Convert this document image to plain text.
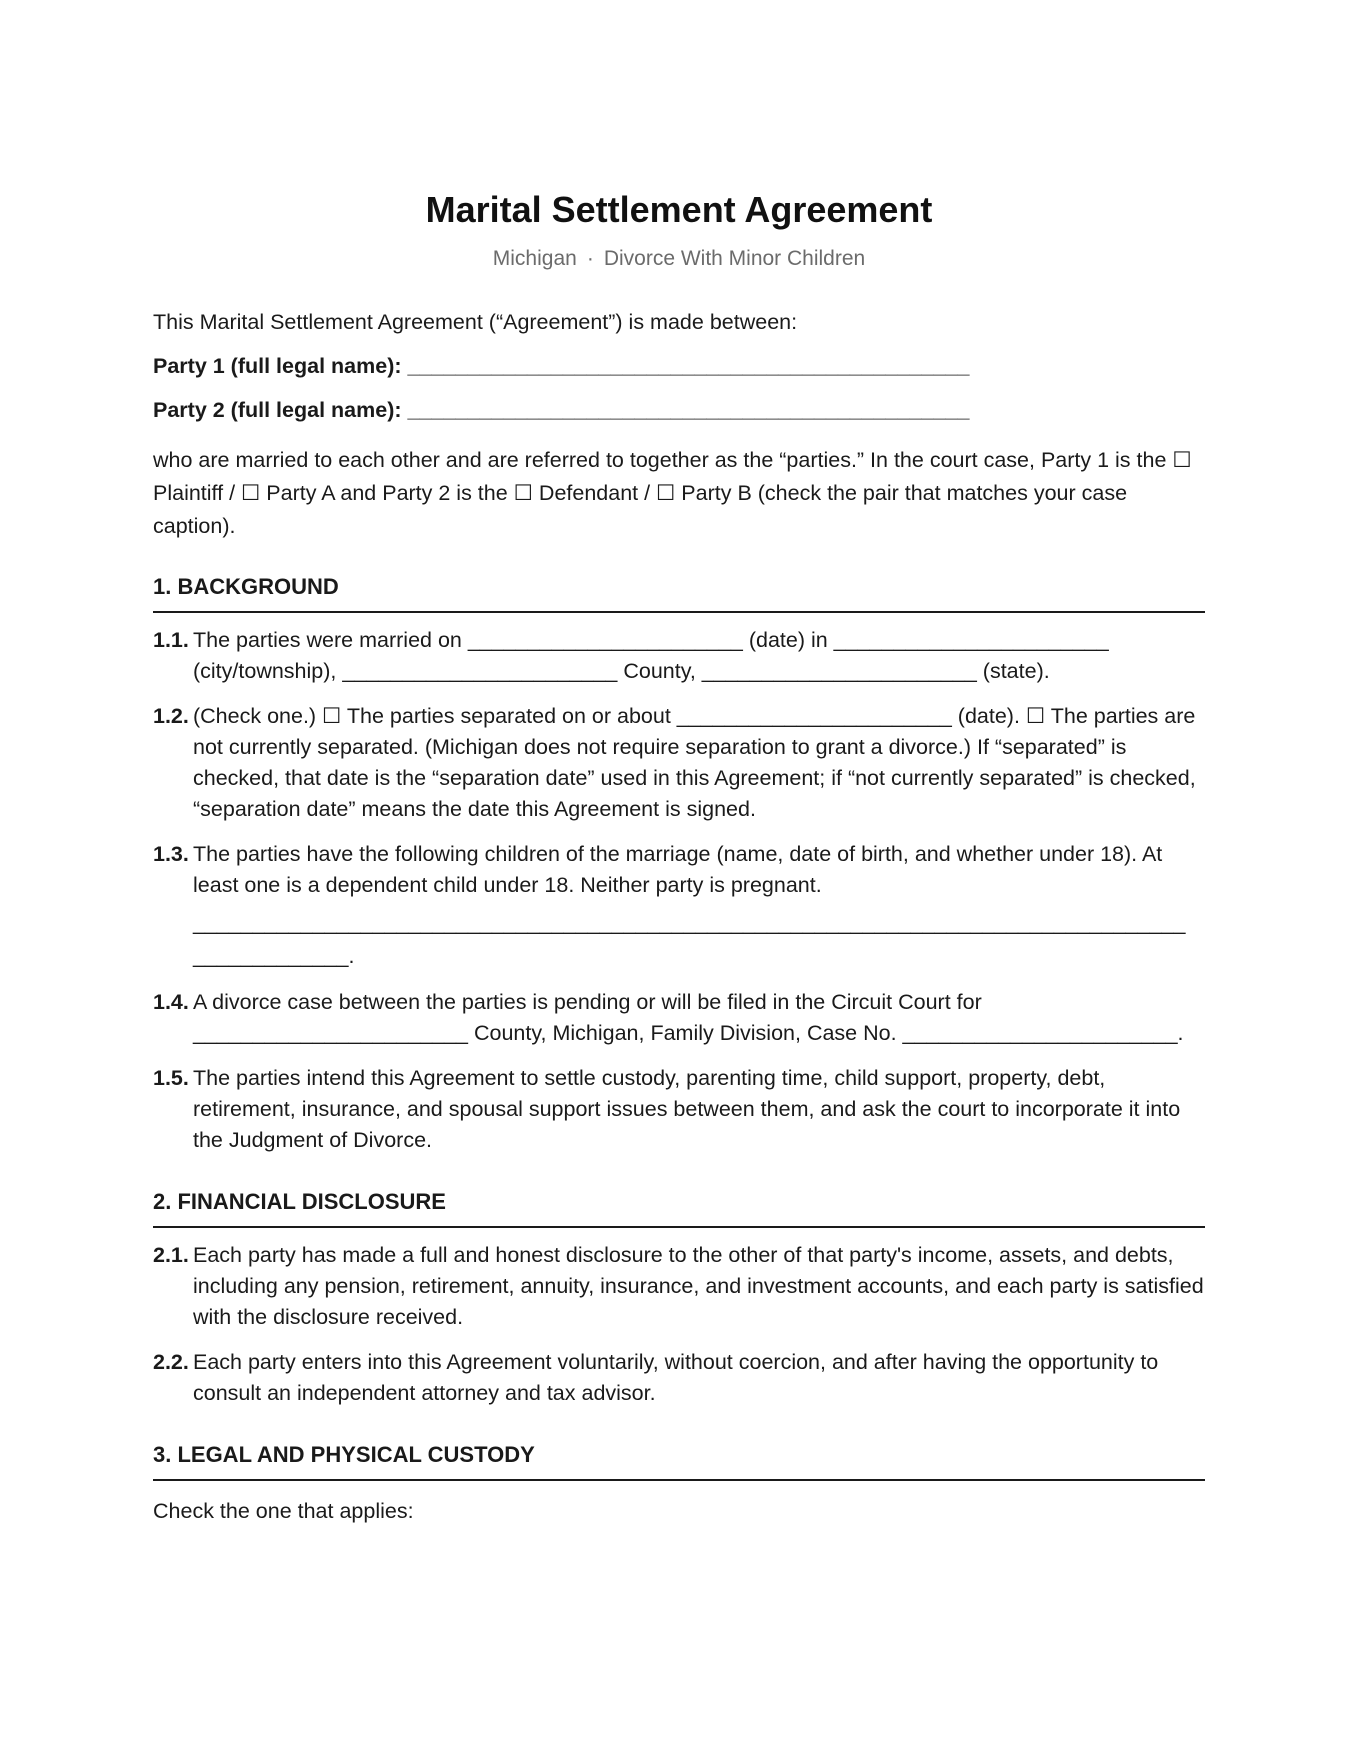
Marital Settlement Agreement
Michigan · Divorce With Minor Children

This Marital Settlement Agreement (“Agreement”) is made between:

Party 1 (full legal name): _______________________________________________
Party 2 (full legal name): _______________________________________________

who are married to each other and are referred to together as the “parties.” In the court case, Party 1 is the ☐ Plaintiff / ☐ Party A and Party 2 is the ☐ Defendant / ☐ Party B (check the pair that matches your case caption).

1. BACKGROUND
1.1. The parties were married on _______________________ (date) in _______________________ (city/township), _______________________ County, _______________________ (state).
1.2. (Check one.) ☐ The parties separated on or about _______________________ (date). ☐ The parties are not currently separated. (Michigan does not require separation to grant a divorce.) If “separated” is checked, that date is the “separation date” used in this Agreement; if “not currently separated” is checked, “separation date” means the date this Agreement is signed.
1.3. The parties have the following children of the marriage (name, date of birth, and whether under 18). At least one is a dependent child under 18. Neither party is pregnant.
___________________________________________________________________________________ _____________.
1.4. A divorce case between the parties is pending or will be filed in the Circuit Court for _______________________ County, Michigan, Family Division, Case No. _______________________.
1.5. The parties intend this Agreement to settle custody, parenting time, child support, property, debt, retirement, insurance, and spousal support issues between them, and ask the court to incorporate it into the Judgment of Divorce.
2. FINANCIAL DISCLOSURE
2.1. Each party has made a full and honest disclosure to the other of that party's income, assets, and debts, including any pension, retirement, annuity, insurance, and investment accounts, and each party is satisfied with the disclosure received.
2.2. Each party enters into this Agreement voluntarily, without coercion, and after having the opportunity to consult an independent attorney and tax advisor.
3. LEGAL AND PHYSICAL CUSTODY

Check the one that applies:
